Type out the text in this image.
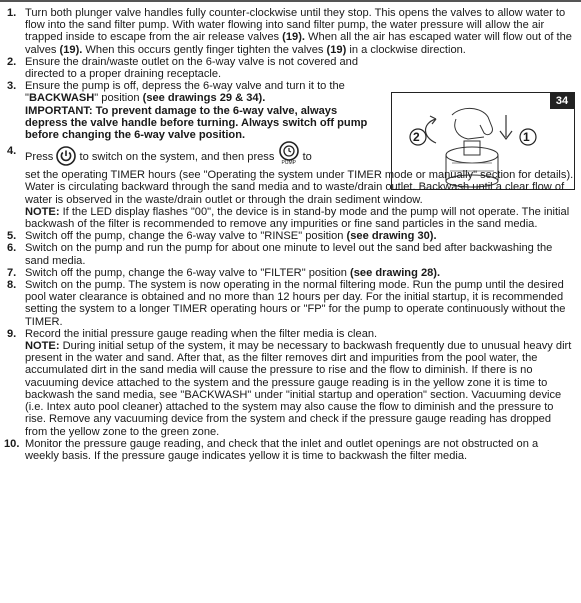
34
2	1
1. Turn both plunger valve handles fully counter-clockwise until they stop. This opens the valves to allow water to flow into the sand filter pump. With water flowing into sand filter pump, the water pressure will allow the air trapped inside to escape from the air release valves (19). When all the air has escaped water will flow out of the valves (19). When this occurs gently finger tighten the valves (19) in a clockwise direction.
2. Ensure the drain/waste outlet on the 6-way valve is not covered and directed to a proper draining receptacle.
3. Ensure the pump is off, depress the 6-way valve and turn it to the "BACKWASH" position (see drawings 29 & 34).
IMPORTANT: To prevent damage to the 6-way valve, always depress the valve handle before turning. Always switch off pump before changing the 6-way valve position.
4. Press to switch on the system, and then press
PUMP
to
set the operating TIMER hours (see "Operating the system under TIMER mode or manually" section for details). Water is circulating backward through the sand media and to waste/drain outlet. Backwash until a clear flow of water is observed in the waste/drain outlet or through the drain sediment window.
NOTE: If the LED display flashes "00", the device is in stand-by mode and the pump will not operate. The initial backwash of the filter is recommended to remove any impurities or fine sand particles in the sand media.
5. Switch off the pump, change the 6-way valve to "RINSE" position (see drawing 30).
6. Switch on the pump and run the pump for about one minute to level out the sand bed after backwashing the sand media.
7. Switch off the pump, change the 6-way valve to "FILTER" position (see drawing 28).
8. Switch on the pump. The system is now operating in the normal filtering mode. Run the pump until the desired pool water clearance is obtained and no more than 12 hours per day. For the initial startup, it is recommended setting the system to a longer TIMER operating hours or "FP" for the pump to operate continuously without the TIMER.
9. Record the initial pressure gauge reading when the filter media is clean.
NOTE: During initial setup of the system, it may be necessary to backwash frequently due to unusual heavy dirt present in the water and sand. After that, as the filter removes dirt and impurities from the pool water, the accumulated dirt in the sand media will cause the pressure to rise and the flow to diminish. If there is no vacuuming device attached to the system and the pressure gauge reading is in the yellow zone it is time to backwash the sand media, see "BACKWASH" under "initial startup and operation" section. Vacuuming device (i.e. Intex auto pool cleaner) attached to the system may also cause the flow to diminish and the pressure to rise. Remove any vacuuming device from the system and check if the pressure gauge reading has dropped from the yellow zone to the green zone.
10. Monitor the pressure gauge reading, and check that the inlet and outlet openings are not obstructed on a weekly basis. If the pressure gauge indicates yellow it is time to backwash the filter media.
